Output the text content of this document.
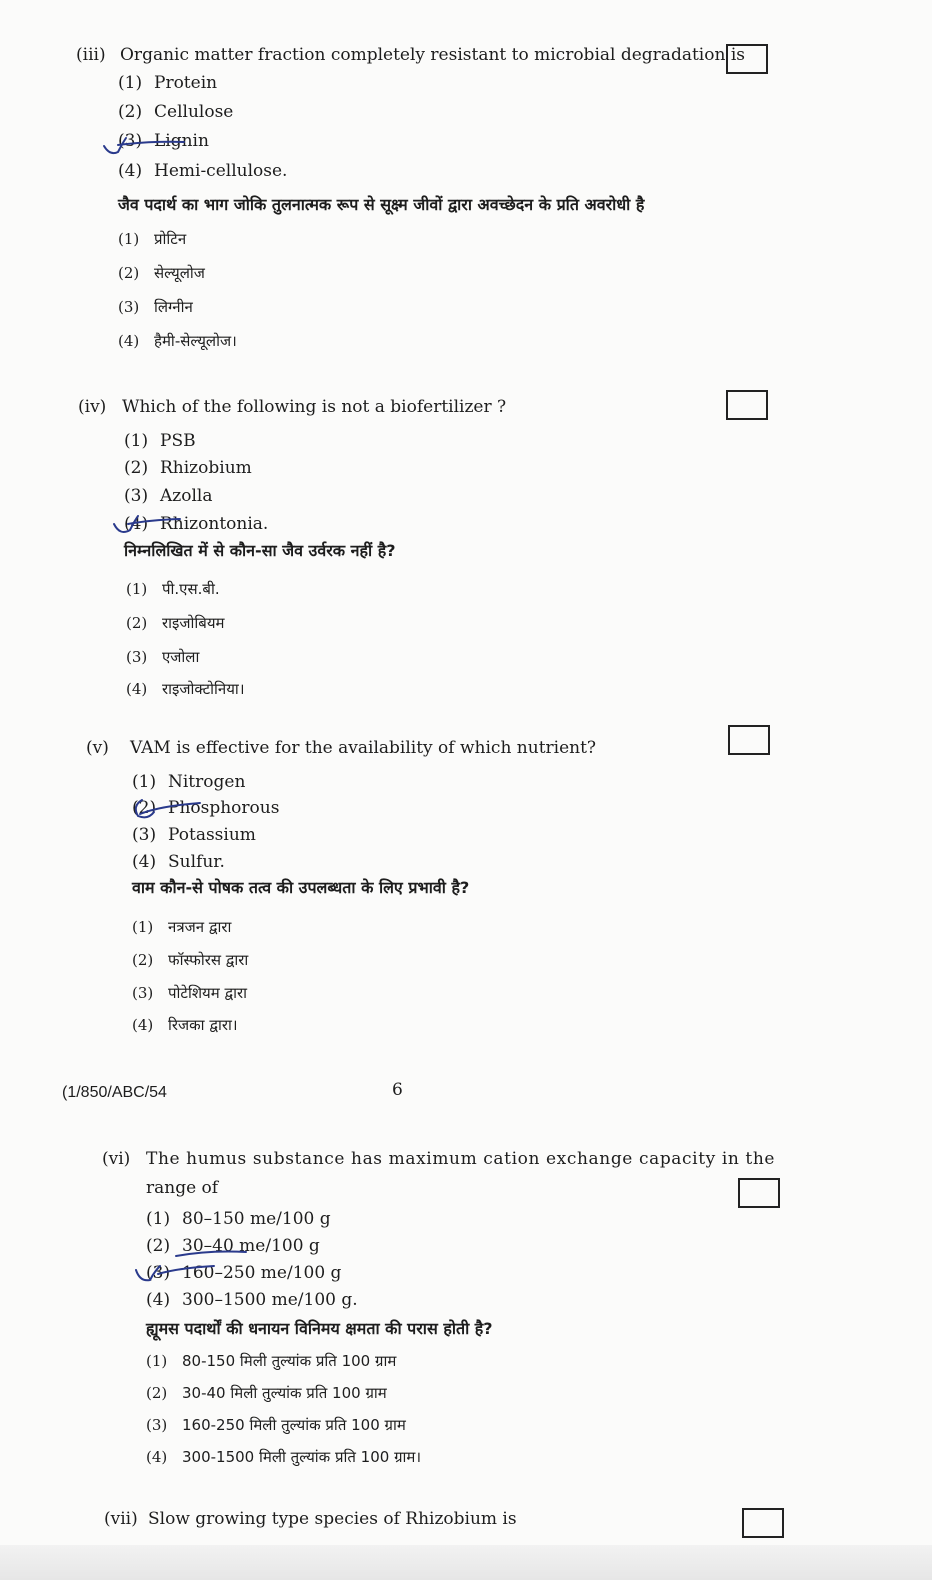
(iii) Organic matter fraction completely resistant to microbial degradation is
(1) Protein
(2) Cellulose
(3) Lignin
(4) Hemi-cellulose.
जैव पदार्थ का भाग जोकि तुलनात्मक रूप से सूक्ष्म जीवों द्वारा अवच्छेदन के प्रति अवरोधी है
(1) प्रोटिन
(2) सेल्यूलोज
(3) लिग्नीन
(4) हैमी-सेल्यूलोज।
(iv) Which of the following is not a biofertilizer ?
(1) PSB
(2) Rhizobium
(3) Azolla
(4) Rhizontonia.
निम्नलिखित में से कौन-सा जैव उर्वरक नहीं है?
(1) पी.एस.बी.
(2) राइजोबियम
(3) एजोला
(4) राइजोक्टोनिया।
(v) VAM is effective for the availability of which nutrient?
(1) Nitrogen
(2) Phosphorous
(3) Potassium
(4) Sulfur.
वाम कौन-से पोषक तत्व की उपलब्धता के लिए प्रभावी है?
(1) नत्रजन द्वारा
(2) फॉस्फोरस द्वारा
(3) पोटेशियम द्वारा
(4) रिजका द्वारा।
(1/850/ABC/54	6
(vi) The humus substance has maximum cation exchange capacity in the
range of
(1) 80–150 me/100 g
(2) 30–40 me/100 g
(3) 160–250 me/100 g
(4) 300–1500 me/100 g.
ह्यूमस पदार्थों की धनायन विनिमय क्षमता की परास होती है?
(1) 80-150 मिली तुल्यांक प्रति 100 ग्राम
(2) 30-40 मिली तुल्यांक प्रति 100 ग्राम
(3) 160-250 मिली तुल्यांक प्रति 100 ग्राम
(4) 300-1500 मिली तुल्यांक प्रति 100 ग्राम।
(vii) Slow growing type species of Rhizobium is
